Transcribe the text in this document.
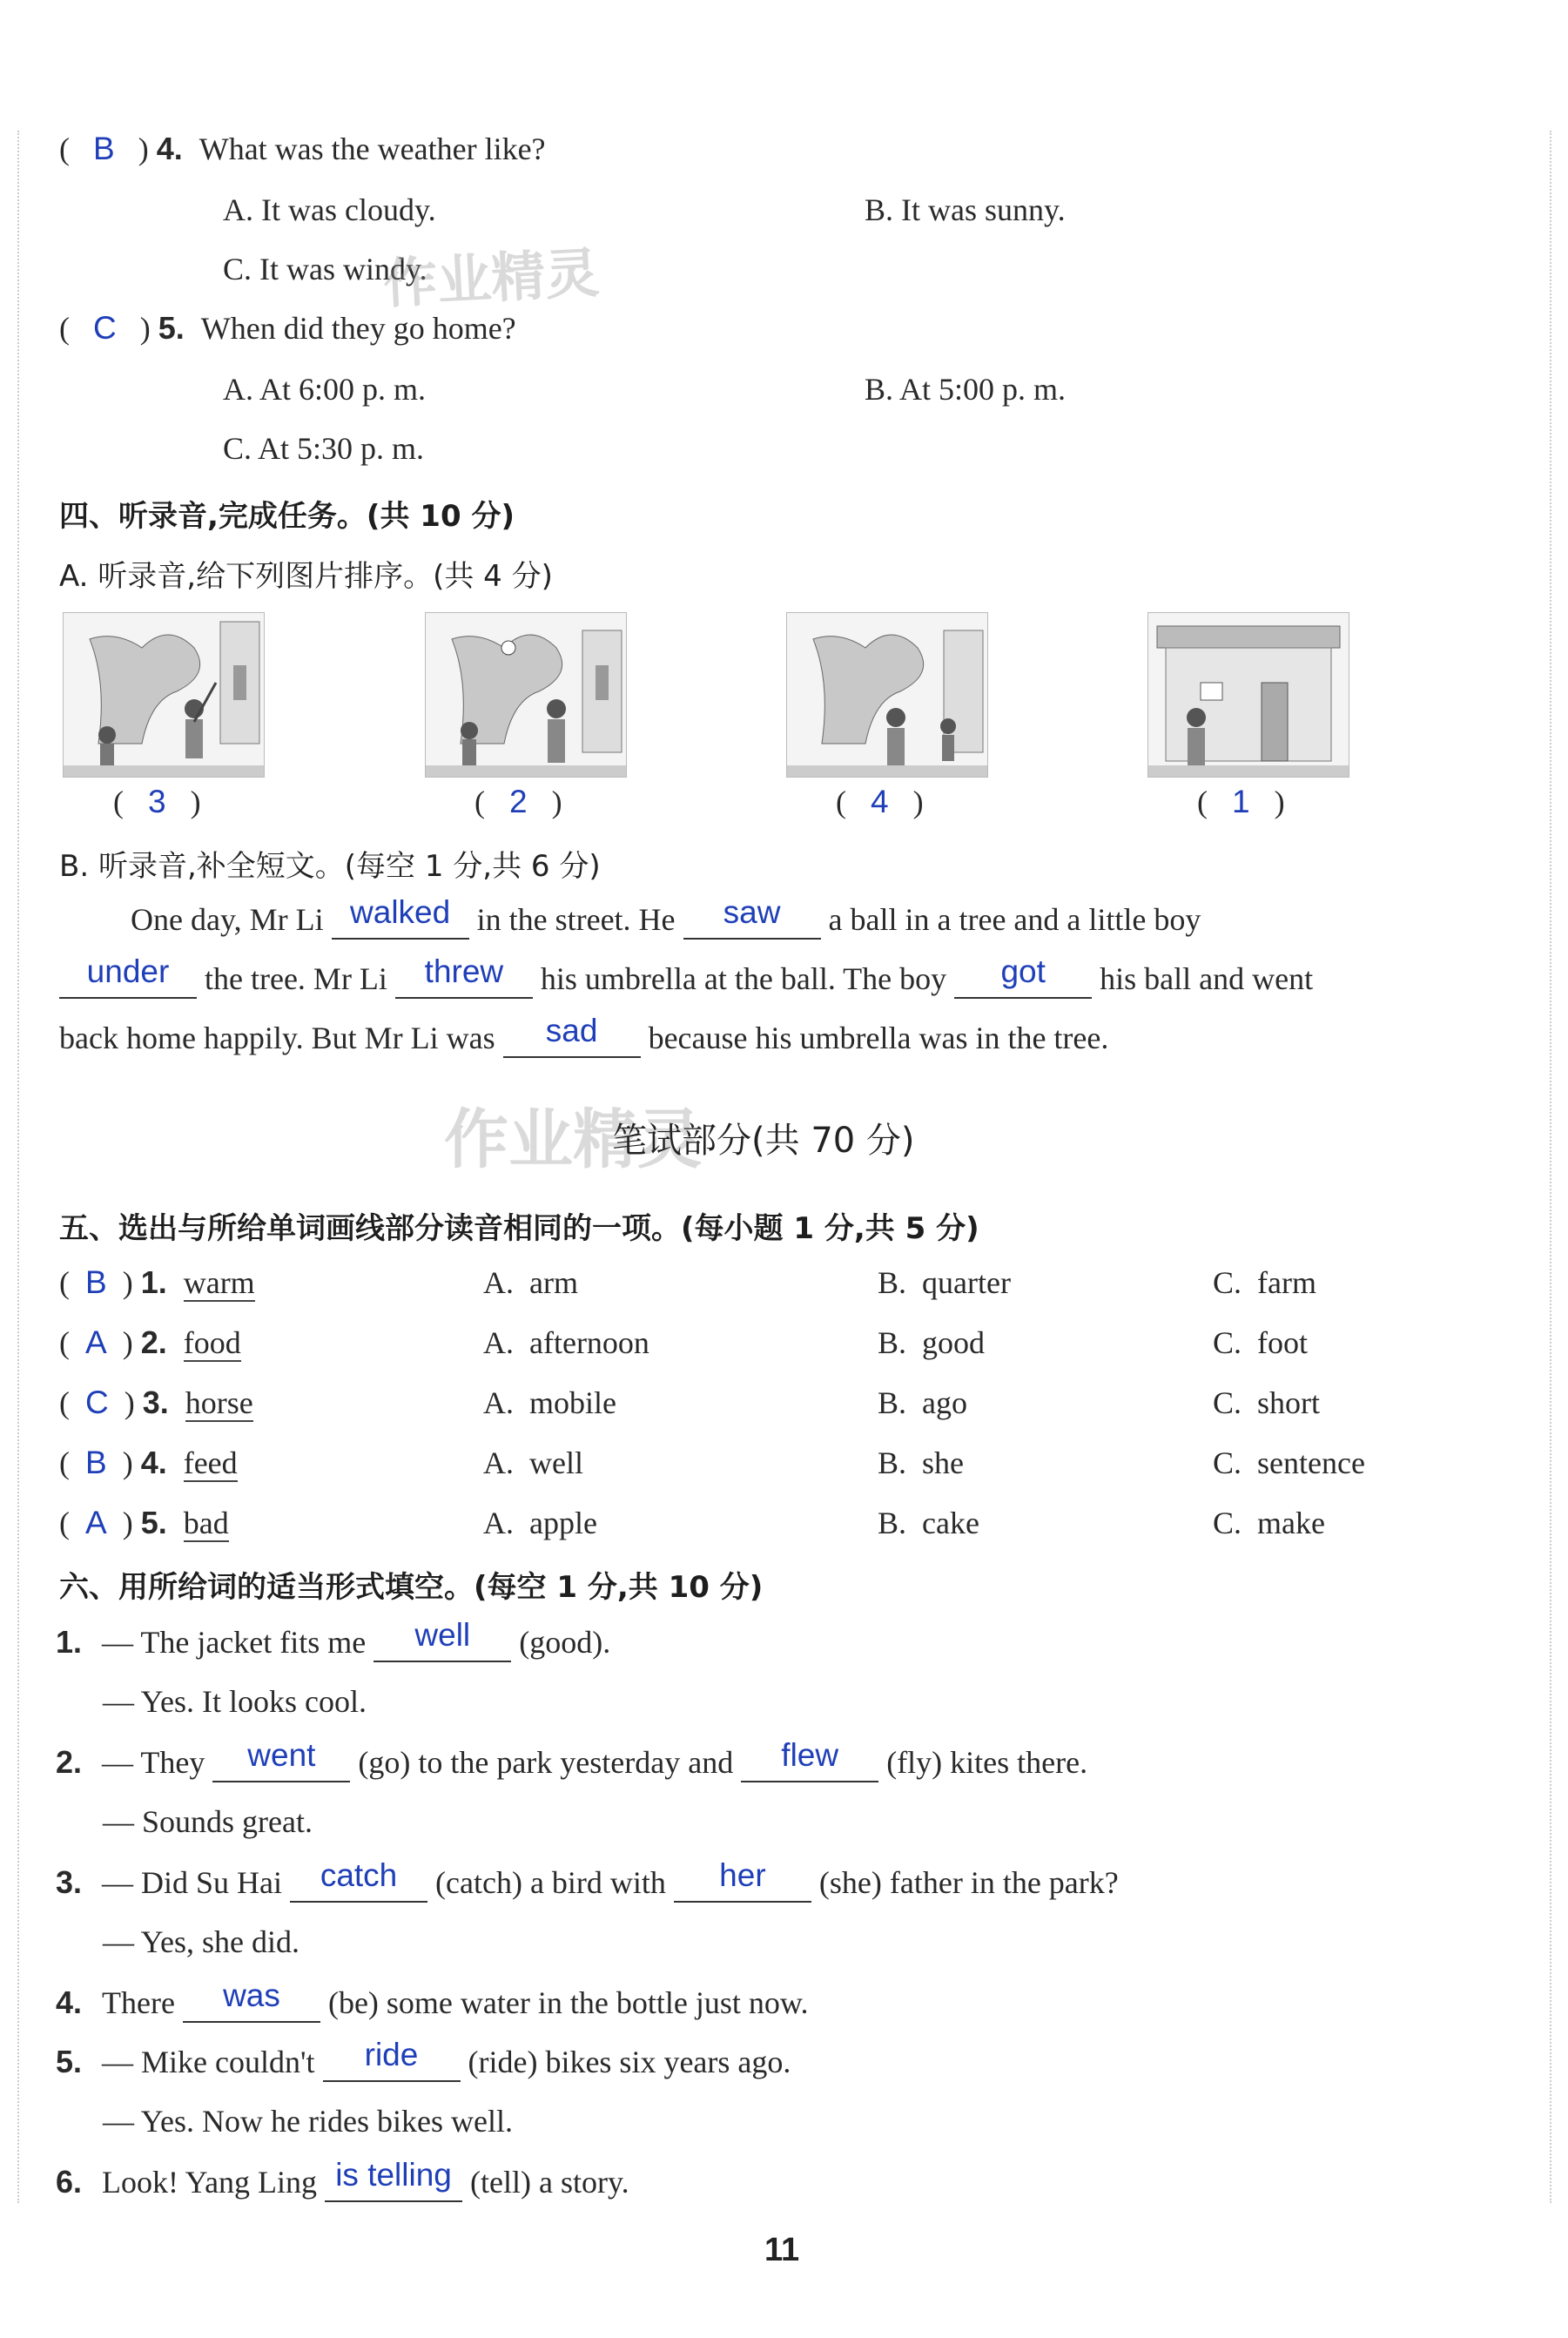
( B ) 4. What was the weather like?
A. It was cloudy.	B. It was sunny.
C. It was windy.
( C ) 5. When did they go home?
A. At 6:00 p. m.	B. At 5:00 p. m.
C. At 5:30 p. m.
作业精灵
四、听录音,完成任务。(共 10 分)
A. 听录音,给下列图片排序。(共 4 分)
( 3 )	( 2 )	( 4 )	( 1 )
B. 听录音,补全短文。(每空 1 分,共 6 分)
One day, Mr Li walked in the street. He saw a ball in a tree and a little boy
under the tree. Mr Li threw his umbrella at the ball. The boy got his ball and went
back home happily. But Mr Li was sad because his umbrella was in the tree.
作业精灵
笔试部分(共 70 分)
五、选出与所给单词画线部分读音相同的一项。(每小题 1 分,共 5 分)
( B ) 1. warm	A. arm	B. quarter	C. farm
( A ) 2. food	A. afternoon	B. good	C. foot
( C ) 3. horse	A. mobile	B. ago	C. short
( B ) 4. feed	A. well	B. she	C. sentence
( A ) 5. bad	A. apple	B. cake	C. make
六、用所给词的适当形式填空。(每空 1 分,共 10 分)
1. — The jacket fits me well (good).
— Yes. It looks cool.
2. — They went (go) to the park yesterday and flew (fly) kites there.
— Sounds great.
3. — Did Su Hai catch (catch) a bird with her (she) father in the park?
— Yes, she did.
4. There was (be) some water in the bottle just now.
5. — Mike couldn't ride (ride) bikes six years ago.
— Yes. Now he rides bikes well.
6. Look! Yang Ling is telling (tell) a story.
11
